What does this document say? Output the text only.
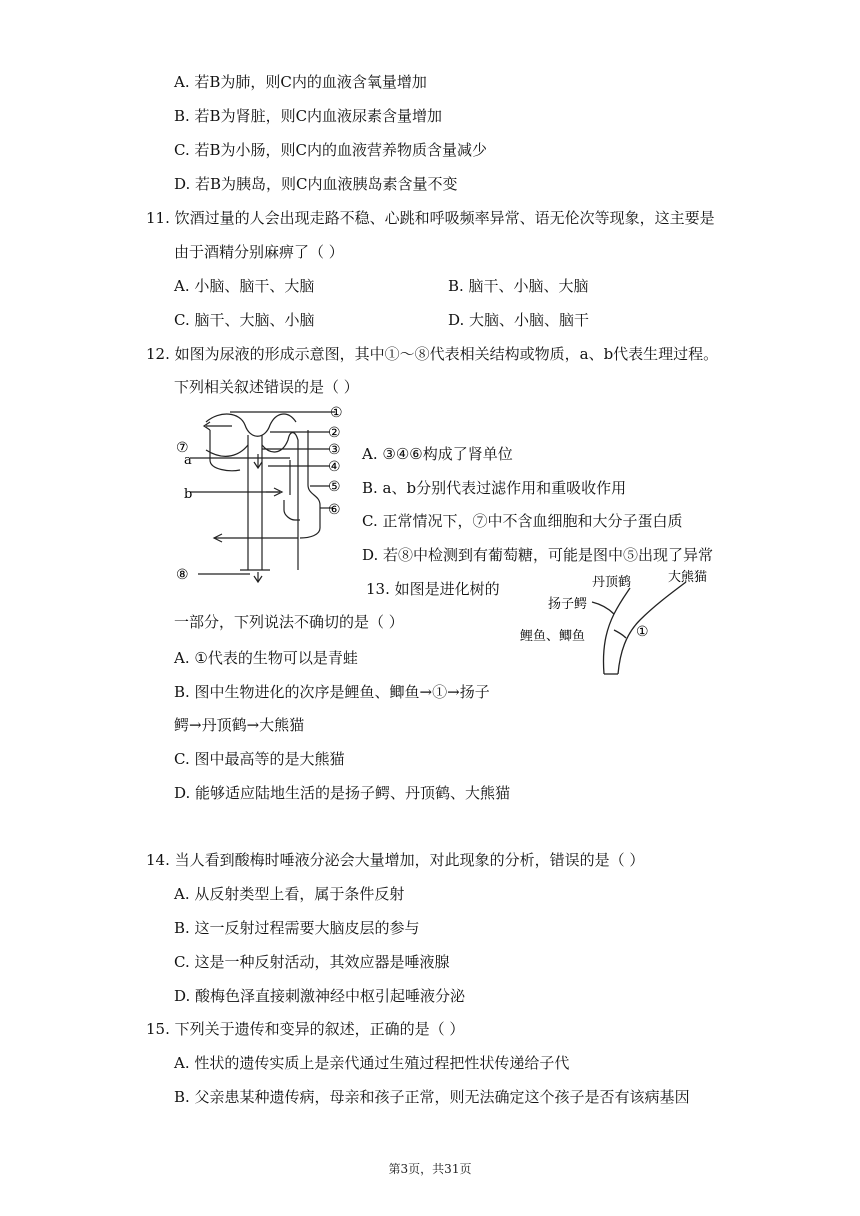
A. 若B为肺，则C内的血液含氧量增加
B. 若B为肾脏，则C内血液尿素含量增加
C. 若B为小肠，则C内的血液营养物质含量减少
D. 若B为胰岛，则C内血液胰岛素含量不变
11. 饮酒过量的人会出现走路不稳、心跳和呼吸频率异常、语无伦次等现象，这主要是
由于酒精分别麻痹了（ ）
A. 小脑、脑干、大脑	B. 脑干、小脑、大脑
C. 脑干、大脑、小脑	D. 大脑、小脑、脑干
12. 如图为尿液的形成示意图，其中①～⑧代表相关结构或物质，a、b代表生理过程。
下列相关叙述错误的是（ ）
①
②
③
④
⑤
⑥
⑦
a
b
⑧
A. ③④⑥构成了肾单位
B. a、b分别代表过滤作用和重吸收作用
C. 正常情况下，⑦中不含血细胞和大分子蛋白质
D. 若⑧中检测到有葡萄糖，可能是图中⑤出现了异常
13. 如图是进化树的
大熊猫
丹顶鹤
扬子鳄
鲤鱼、鲫鱼	①
一部分，下列说法不确切的是（ ）
A. ①代表的生物可以是青蛙
B. 图中生物进化的次序是鲤鱼、鲫鱼→①→扬子
鳄→丹顶鹤→大熊猫
C. 图中最高等的是大熊猫
D. 能够适应陆地生活的是扬子鳄、丹顶鹤、大熊猫
14. 当人看到酸梅时唾液分泌会大量增加，对此现象的分析，错误的是（ ）
A. 从反射类型上看，属于条件反射
B. 这一反射过程需要大脑皮层的参与
C. 这是一种反射活动，其效应器是唾液腺
D. 酸梅色泽直接刺激神经中枢引起唾液分泌
15. 下列关于遗传和变异的叙述，正确的是（ ）
A. 性状的遗传实质上是亲代通过生殖过程把性状传递给子代
B. 父亲患某种遗传病，母亲和孩子正常，则无法确定这个孩子是否有该病基因
第3页，共31页
